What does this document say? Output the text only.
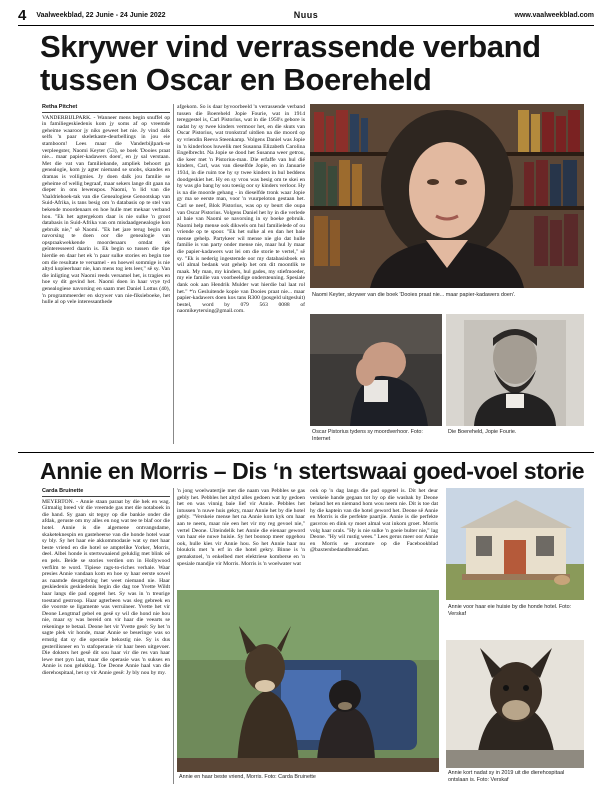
4 Vaalweekblad, 22 Junie - 24 Junie 2022	Nuus	www.vaalweekblad.com
Skrywer vind verrassende verband
tussen Oscar en Boereheld
Retha Pitchet

VANDERBIJLPARK. - Wanneer mens begin snuffel op in familiegeskiedenis kom jy soms af op vreemde geheime waaroor jy niks geweet het nie. Jy vind dalk selfs 'n paar skeletkaste-deurbellings in jou eie stamboom! Lees maar die Vanderbijlpark-se verpleegster, Naomi Keyter (53), se boek 'Dooies praat nie... maar papier-kadawers doen', en jy sal verstaan. Met die vat van familiebande, ampliek behoort ga genealogie, kom jy agter niemand se snobs, skandes en dramas is volligmies. Jy doen dalk jou familie se geheime of wellig begraaf, maar sekers lange dit gaan na dieper in ons lewenspos. Naomi, 'n lid van die Vaaldriehoek-tak van die Genealogiese Genootskap van Suid-Afrika, is tans besig om 'n databasis op te stel van bekende moordenaars en hoe hulle met mekaar verband hou. "Ek het agtergekom daar is nie sulke 'n groot databasis in Suid-Afrika van om misdaadgenealogie kon gebruik nie," sê Naomi. "Ek het jare terug begin om navorsing te doen oor die genealogie van opspraakwekkende moordenaars omdat ek geïnteresseerd daarin is. Ek begin so tussen die tipe hierdie en daar het ek 'n paar sulke stories en begin toe om die resultate te versamel - en hoewel sommige is nie altyd kopieerbaar nie, kan mens tog iets leer," sê sy. Van die inligting wat Naomi reeds versamel het, is tragies en hoe sy dit gevind het. Naomi doen in haar vrye tyd genealogiese navorsing en saam met Daniel Lottus (40), 'n programmeerder en skrywer van nie-fiksieboeke, het hulle al op vele interessanthede

afgekom. So is daar byvoorbeeld 'n verrassende verband tussen die Boereheld Jopie Fourie, wat in 1914 tereggestel is, Carl Pistorius, wat in die 1950's gebore is nadat hy sy twee kinders vermoor het, en die skuts van Oscar Pistorius, wat tronkstraf uitdien na die moord op sy vriendin Reeva Steenkamp. Volgens Daniel was Jopie in 'n kinderloos huwelik met Susanna Elizabeth Carolina Engelbrecht. Na Jopie se dood het Susanna weer getrou, die keer met 'n Pistorius-man. Die erfaffe van hul dié kinders, Carl, was van dieselfde Jopie, en in Januarie 1934, in die ruim toe hy sy twee kinders in hul beddens doodgeskiet het. Hy en sy vrou was besig om te skei en hy was glo bang hy sou toesig oor sy kinders verloor. Hy is na die moorde gehang - in dieselfde tronk waar Jopie gy ma se eerste man, voor 'n vuurpeloton gestaan het. Carl se neef, Blok Pistorius, was op sy beurt die oupa van Oscar Pistorius. Volgens Daniel het hy in die verlede al baie van Naomi se navorsing in sy boeke gebruik. Naomi help mense ook dikwels om hul familielede of ou vriende op te spoor. "Ek het sulke al en dan het baie mense gehelp. Partykeer wil mense nie glo dat hulle familie is van party onder mense nie, maar hul ly maar die papier-kadawers wat lei om die storie te vertel," sê sy. "Ek is nederig ingestemde oor my databasisboek en wil almal bedank wat gehelp het om dit moontlik te maak. My man, my kinders, hul gades, my stiefmoeder, my eie familie van voorbeeldige ondersteuning. Spesiale dank ook aan Hendrik Mulder wat hierdie bal laat rol het." *'n Gesluitende kopie van Dooies praat nie... maar papier-kadawers doen kos tans R300 (posgeld uitgesluit) bestel, word by 079 563 0088 of naomikeytersing@gmail.com.

Naomi Keyter, skrywer van die boek 'Dooies praat nie... maar papier-kadawers doen'.
Oscar Pistorius tydens sy moordverhoor. Foto: Internet
Die Boereheld, Jopie Fourie.
Annie en Morris – Dis ‘n stertswaai goed-voel storie
Carda Bruinette

MEYERTON. - Annie staan paraat by die hek en wag. Gitmalig breed vir die vreemde gas met die notaboek in die hand. Sy gaan sit tegoy op die bankie onder die afdak, geruste om my alles en nog wat tee te blaf oor die hotel. Annie is die algemene ontvangsdame, skaketeknespin en gasteheerse van die honde hotel waar sy bly. Sy het haar eie akkommodasie wat sy met haar beste vriend en die hotel se amptelike Yorker, Morris, deel. Albei honde is stertswaaiend geluklig met blink oë en pels. Beide se stories verdien om in Hollywood verfilm te word. Tipiese rags-to-riches verhale. Waar presies Annie vandaan kom en hoe sy haar eerste sowel as naamde deurgebring het weet niemand nie. Haar geskiedenis geskiedenis begin die dag toe Yvette Wildt haar langs die pad opgetel het. Sy was in 'n treurige toestand gestroop. Haar agterbeen was sleg gebreek en die voorste se ligamente was verruïneer. Yvette het vir Deone Lengtmaf gebel en gesê sy wil die hond nie hou nie, maar sy was bereid om vir haar die veearts se rekeninge te betaal. Deone het vir Yvette gesê: Sy het 'n sagte plek vir honde, maar Annie se beseringe was so ernstig dat sy die operasie bekostig nie. Sy is dus gesterilisneer en 'n stafoperasie vir haar been uitgevoer. Die dokters het gesê dit sou haar vir die res van haar lewe met pyn laat, maar die operasie was 'n sukses en Annie is nou gelukkig. Toe Deone Annie haal van die dierehospitaal, het sy vir Annie gesê: Jy bly nou by my.

'n jong woelwatertjie met die naam van Pebbles se gas gebly het. Pebbles het altyd alles gedoen wat hy gedoen het en was vinnig baie lief vir Annie. Pebbles het intussen 'n nuwe huis gekry, maar Annie het by die hotel gebly. "Verskeie mense het na Annie kom kyk om haar aan te neem, maar nie een het vir my reg gevoel nie," vertel Deone. Uiteindelik het Annie die eienaar geword van haar eie nuwe huisie. Sy het boonop meer opgehou ook, hulle kies vir Annie hou. So het Annie haar nu bloukris met 'n erf in die hotel gekry. Binne is 'n gemakstoel, 'n enkelbed met elektriese komberse en 'n spesiale mandjie vir Morris. Morris is 'n woelwater wat

ook op 'n dag langs die pad opgetel is. Dit het deur verskeie hande gegaan tot hy op die wasbak by Deone beland het en niemand hom wou neem nie. Dit is toe dat hy die kaptein van die hotel geword het. Deone sê Annie en Morris is die perfekte paartjie. Annie is die perfekte gasvrou en dink sy moet almal wat inkom groet. Morris volg haar orals. "Hy is nie sulke 'n goeie bulter nie," lag Deone. "Hy wil rustig wees." Lees gerus meer oor Annie en Morris se avonture op die Facebookblad @baxtersbedandbreakfast.

Annie voor haar eie huisie by die honde hotel. Foto: Verskaf
Annie en haar beste vriend, Morris. Foto: Carda Bruinette
Annie kort nadat sy in 2019 uit die dierehospitaal ontslaan is. Foto: Verskaf
